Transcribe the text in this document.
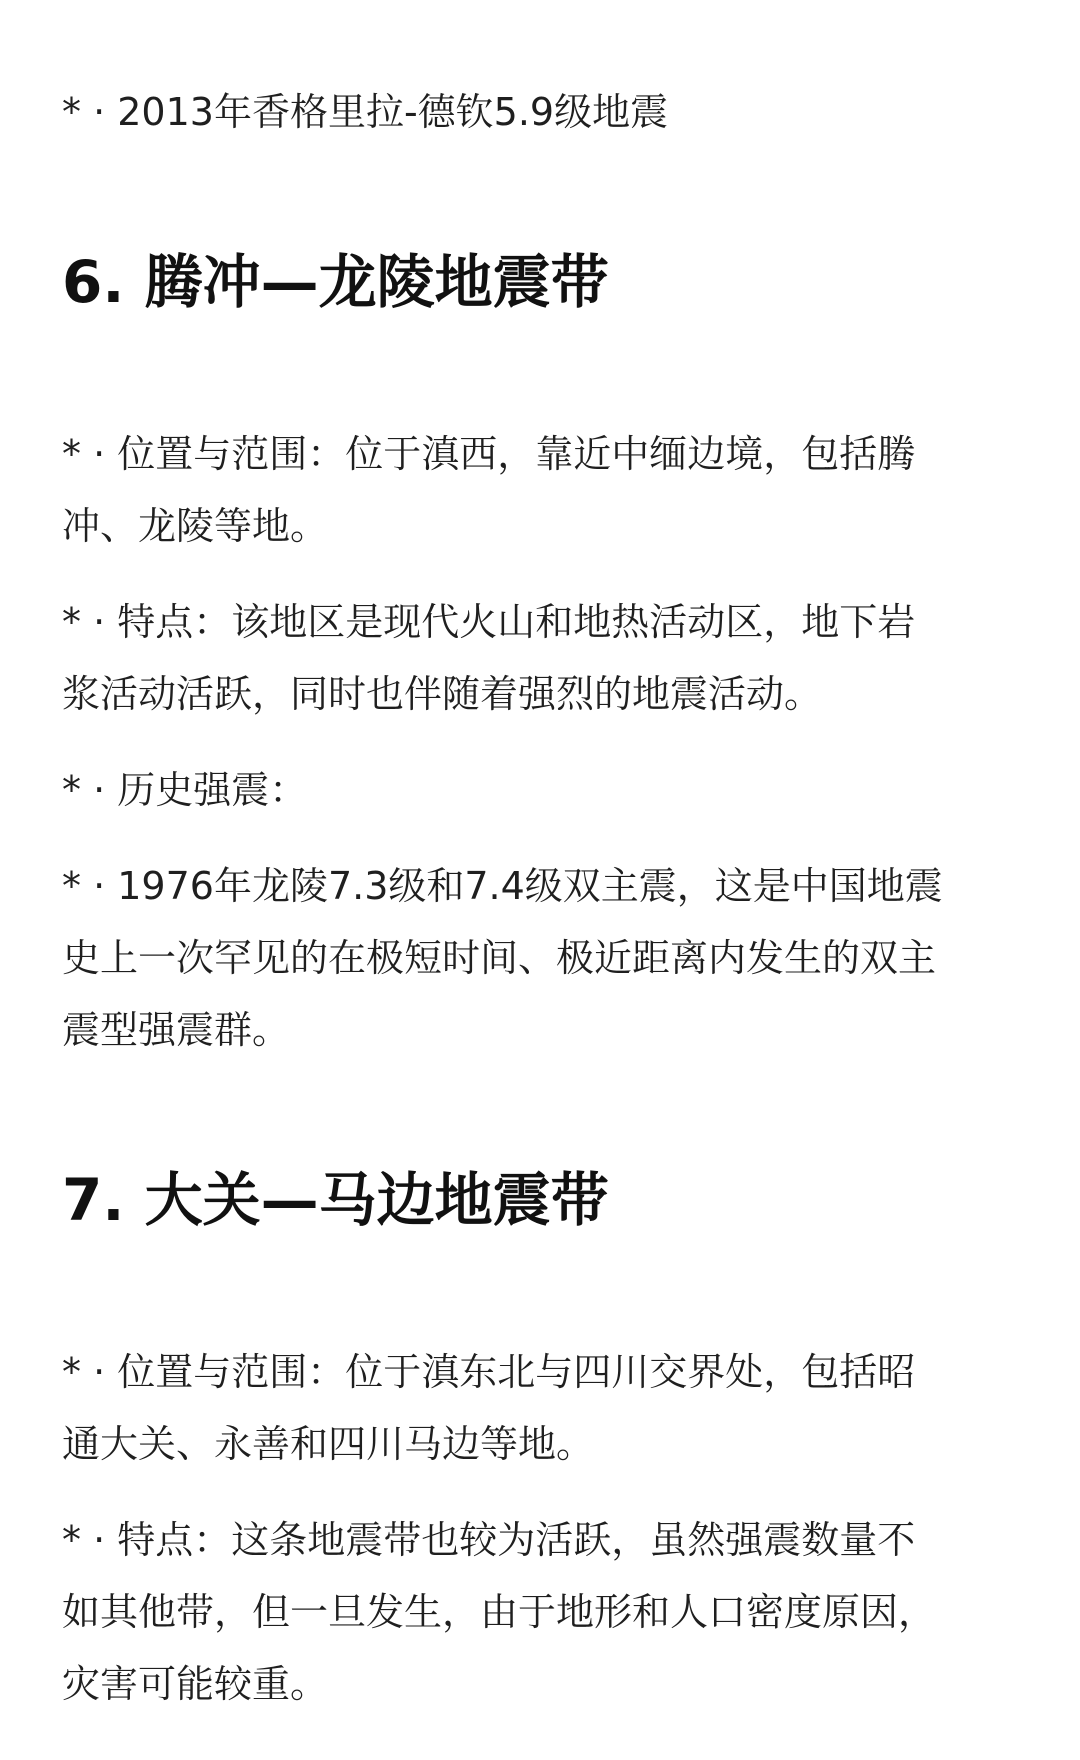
* · 2013年香格里拉-德钦5.9级地震

6. 腾冲—龙陵地震带

* · 位置与范围：位于滇西，靠近中缅边境，包括腾

冲、龙陵等地。

* · 特点：该地区是现代火山和地热活动区，地下岩

浆活动活跃，同时也伴随着强烈的地震活动。

* · 历史强震：

* · 1976年龙陵7.3级和7.4级双主震，这是中国地震

史上一次罕见的在极短时间、极近距离内发生的双主

震型强震群。

7. 大关—马边地震带

* · 位置与范围：位于滇东北与四川交界处，包括昭

通大关、永善和四川马边等地。

* · 特点：这条地震带也较为活跃，虽然强震数量不

如其他带，但一旦发生，由于地形和人口密度原因，

灾害可能较重。
